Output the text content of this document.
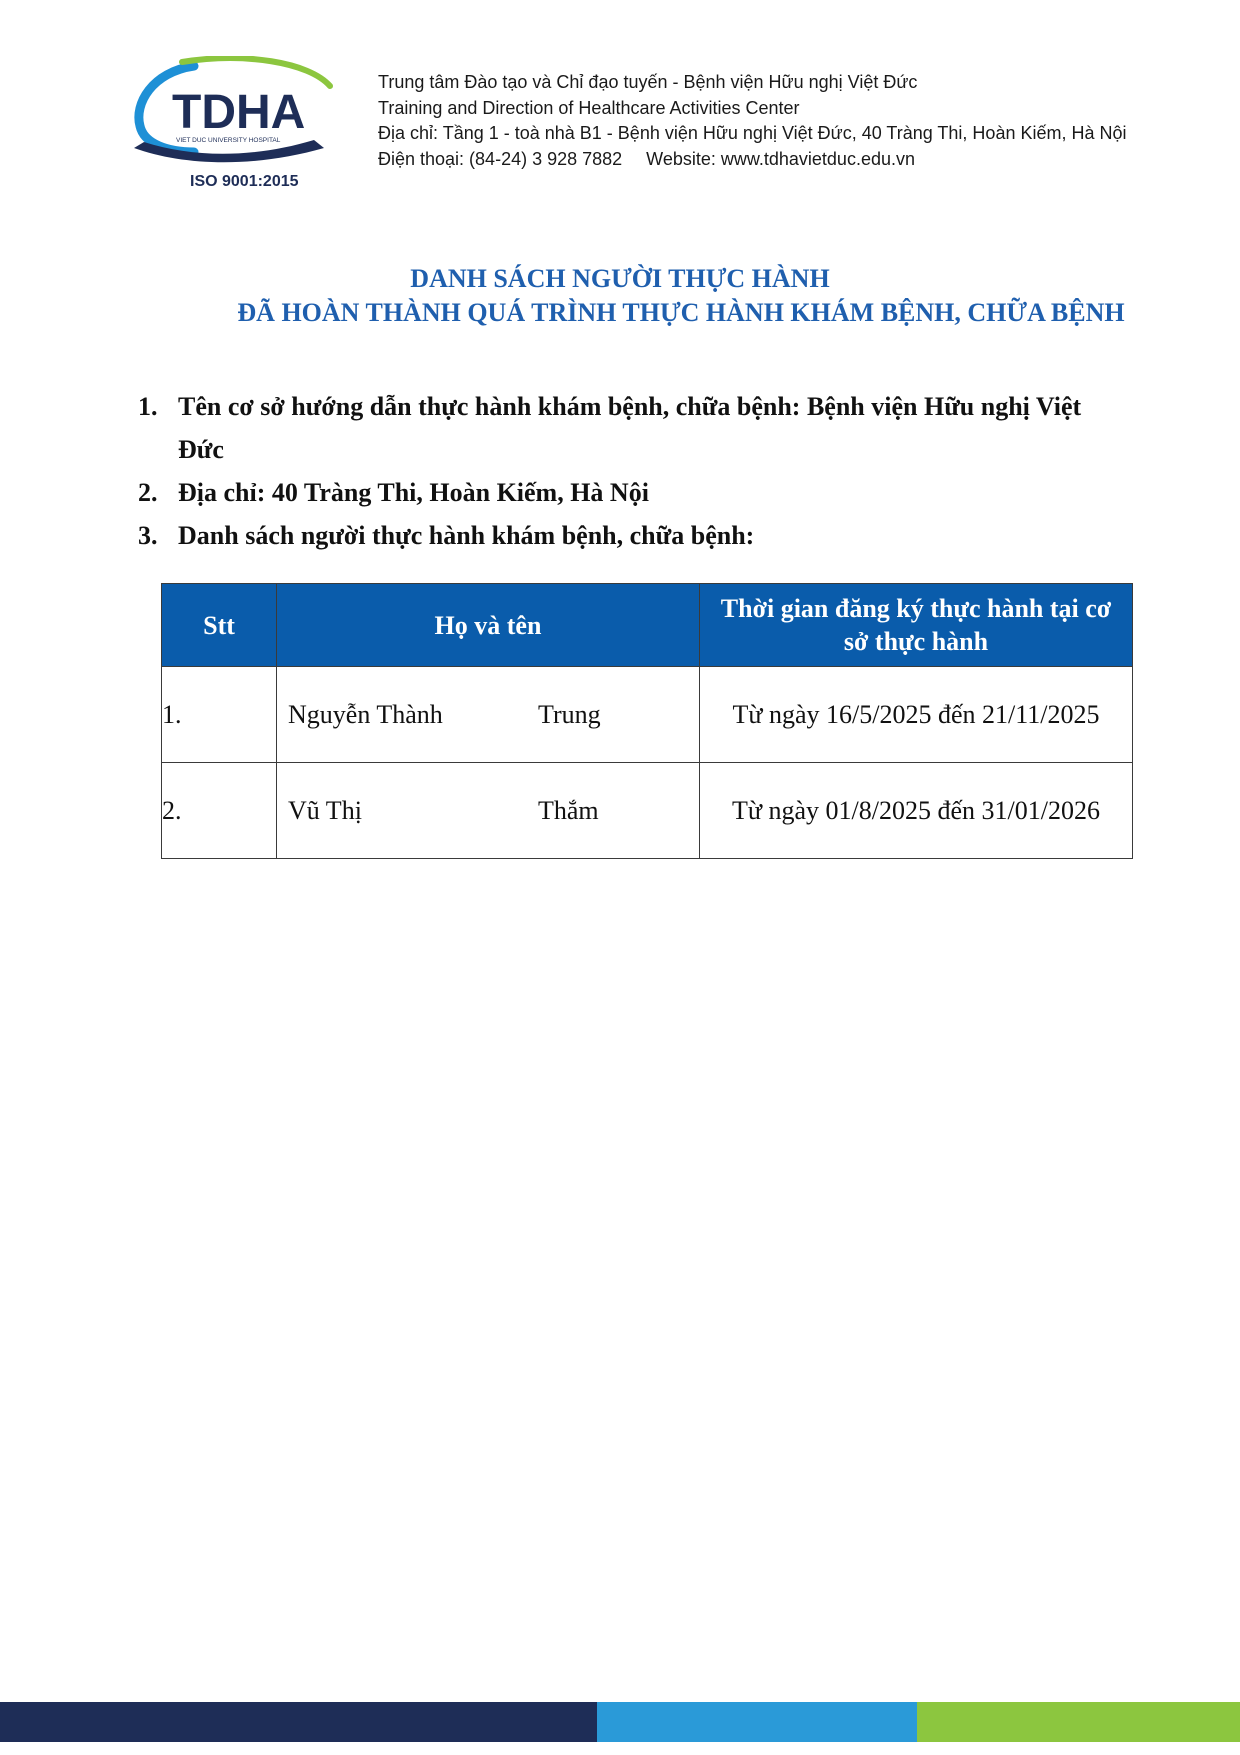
TDHA
VIET DUC UNIVERSITY HOSPITAL
ISO 9001:2015
Trung tâm Đào tạo và Chỉ đạo tuyến - Bệnh viện Hữu nghị Việt Đức
Training and Direction of Healthcare Activities Center
Địa chỉ: Tầng 1 - toà nhà B1 - Bệnh viện Hữu nghị Việt Đức, 40 Tràng Thi, Hoàn Kiếm, Hà Nội
Điện thoại: (84-24) 3 928 7882 Website: www.tdhavietduc.edu.vn
DANH SÁCH NGƯỜI THỰC HÀNH
ĐÃ HOÀN THÀNH QUÁ TRÌNH THỰC HÀNH KHÁM BỆNH, CHỮA BỆNH
1. Tên cơ sở hướng dẫn thực hành khám bệnh, chữa bệnh: Bệnh viện Hữu nghị Việt Đức
2. Địa chỉ: 40 Tràng Thi, Hoàn Kiếm, Hà Nội
3. Danh sách người thực hành khám bệnh, chữa bệnh:
Stt	Họ và tên	Thời gian đăng ký thực hành tại cơ sở thực hành
1.	Nguyễn Thành Trung	Từ ngày 16/5/2025 đến 21/11/2025
2.	Vũ Thị Thắm	Từ ngày 01/8/2025 đến 31/01/2026
